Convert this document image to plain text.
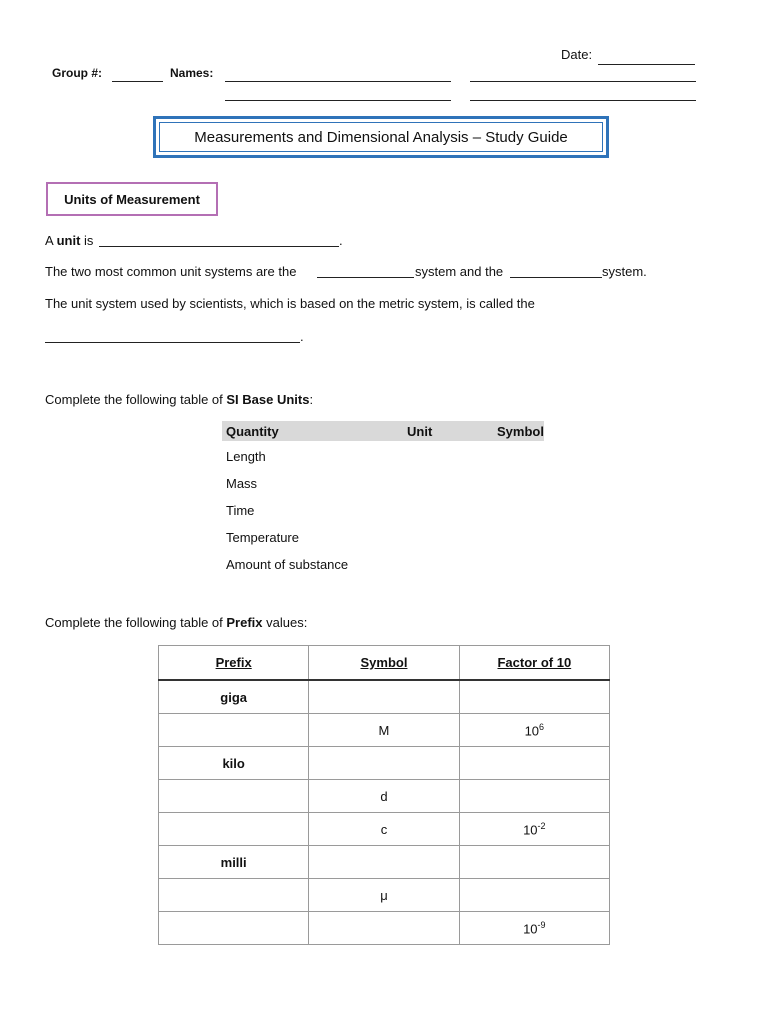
Date:
Group #:	Names:
Measurements and Dimensional Analysis – Study Guide
Units of Measurement
A unit is	.
The two most common unit systems are the	system and the	system.
The unit system used by scientists, which is based on the metric system, is called the
.
Complete the following table of SI Base Units:
Quantity	Unit	Symbol
Length
Mass
Time
Temperature
Amount of substance
Complete the following table of Prefix values:
Prefix	Symbol	Factor of 10
giga		
	M	$10^6$
kilo		
	d	
	c	$10^{-2}$
milli		
	μ	
		$10^{-9}$
